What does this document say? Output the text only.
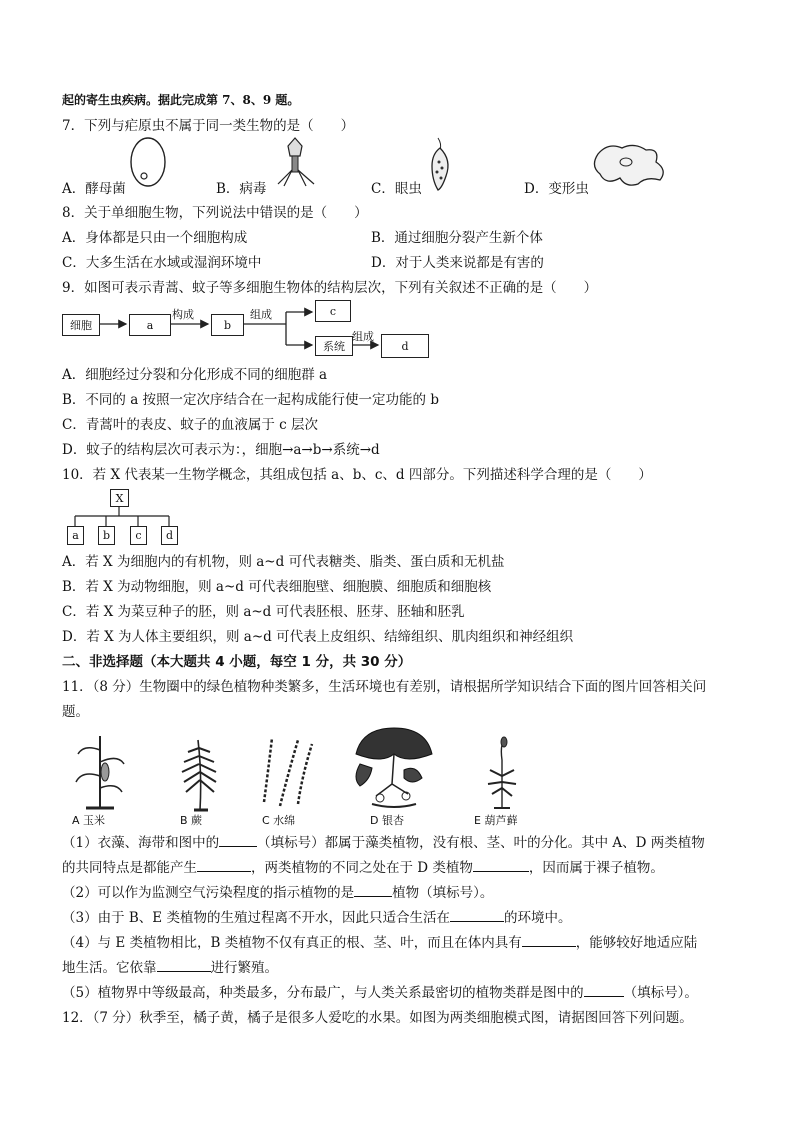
起的寄生虫疾病。据此完成第 7、8、9 题。
7．下列与疟原虫不属于同一类生物的是（　　）
A．酵母菌	B．病毒	C．眼虫	D．变形虫
8．关于单细胞生物，下列说法中错误的是（　　）
A．身体都是只由一个细胞构成	B．通过细胞分裂产生新个体
C．大多生活在水域或湿润环境中	D．对于人类来说都是有害的
9．如图可表示青蒿、蚊子等多细胞生物体的结构层次，下列有关叙述不正确的是（　　）
细胞	a
构成
b
组成	c
系统
组成
d
A．细胞经过分裂和分化形成不同的细胞群 a
B．不同的 a 按照一定次序结合在一起构成能行使一定功能的 b
C．青蒿叶的表皮、蚊子的血液属于 c 层次
D．蚊子的结构层次可表示为：，细胞→a→b→系统→d
10．若 X 代表某一生物学概念，其组成包括 a、b、c、d 四部分。下列描述科学合理的是（　　）
X
a	b	c	d
A．若 X 为细胞内的有机物，则 a~d 可代表糖类、脂类、蛋白质和无机盐
B．若 X 为动物细胞，则 a~d 可代表细胞壁、细胞膜、细胞质和细胞核
C．若 X 为菜豆种子的胚，则 a~d 可代表胚根、胚芽、胚轴和胚乳
D．若 X 为人体主要组织，则 a~d 可代表上皮组织、结缔组织、肌肉组织和神经组织
二、非选择题（本大题共 4 小题，每空 1 分，共 30 分）
11．（8 分）生物圈中的绿色植物种类繁多，生活环境也有差别，请根据所学知识结合下面的图片回答相关问
题。
A 玉米	B 蕨	C 水绵	D 银杏	E 葫芦藓
（1）衣藻、海带和图中的	（填标号）都属于藻类植物，没有根、茎、叶的分化。其中 A、D 两类植物
的共同特点是都能产生	，两类植物的不同之处在于 D 类植物	，因而属于裸子植物。
（2）可以作为监测空气污染程度的指示植物的是	植物（填标号）。
（3）由于 B、E 类植物的生殖过程离不开水，因此只适合生活在	的环境中。
（4）与 E 类植物相比，B 类植物不仅有真正的根、茎、叶，而且在体内具有	，能够较好地适应陆
地生活。它依靠	进行繁殖。
（5）植物界中等级最高，种类最多，分布最广，与人类关系最密切的植物类群是图中的	（填标号）。
12．（7 分）秋季至，橘子黄，橘子是很多人爱吃的水果。如图为两类细胞模式图，请据图回答下列问题。
